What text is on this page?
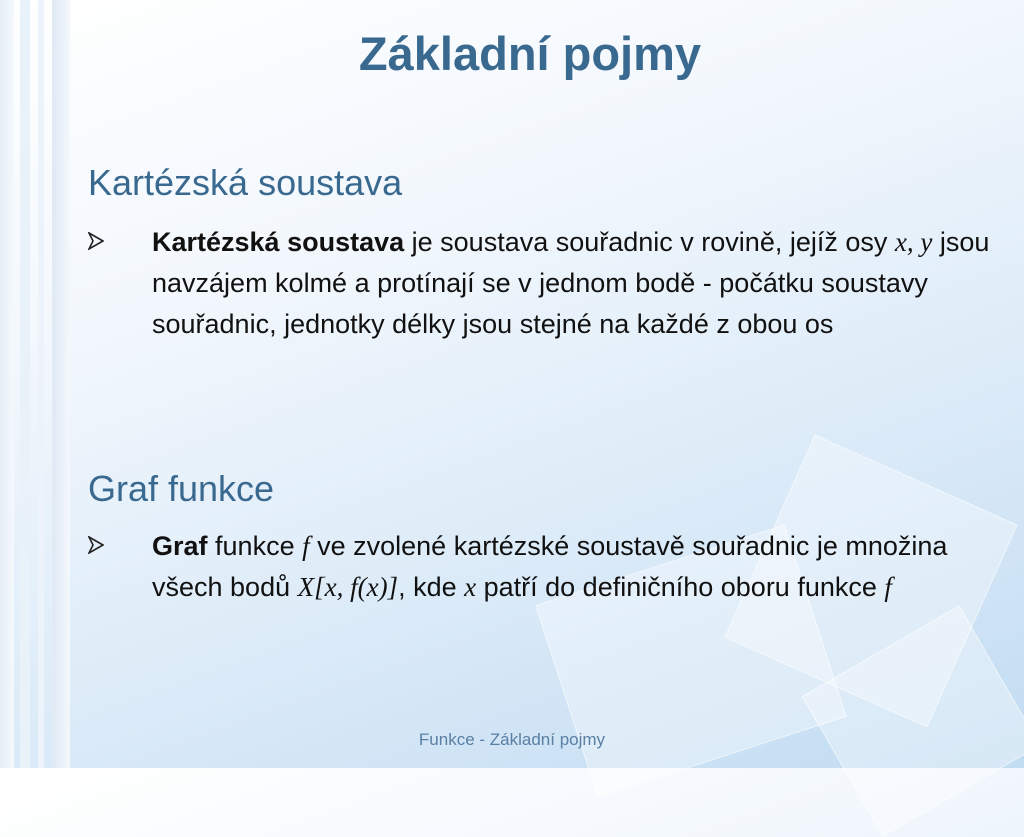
Základní pojmy
Kartézská soustava
Kartézská soustava je soustava souřadnic v rovině, jejíž osy x, y jsou navzájem kolmé a protínají se v jednom bodě - počátku soustavy souřadnic, jednotky délky jsou stejné na každé z obou os
Graf funkce
Graf funkce f ve zvolené kartézské soustavě souřadnic je množina všech bodů X[x, f(x)], kde x patří do definičního oboru funkce f
Funkce - Základní pojmy
